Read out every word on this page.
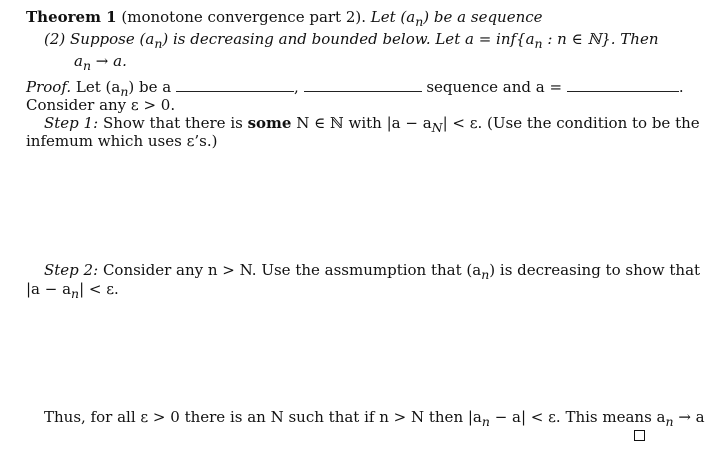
Theorem 1 (monotone convergence part 2). Let $(a_n)$ be a sequence
(2) Suppose $(a_n)$ is decreasing and bounded below. Let $a = inf\{a_n$ : n ∈ ℕ}. Then
$a_n \to a$.
Proof. Let $(a_n)$ be a	,	sequence and a =	.
Consider any ε > 0.
Step 1: Show that there is some N ∈ ℕ with $|a - a_N| < \varepsilon$. (Use the condition to be the
infemum which uses ε’s.)
Step 2: Consider any n > N. Use the assmumption that $(a_n)$ is decreasing to show that
$|a - a_n| < \varepsilon$.
Thus, for all ε > 0 there is an N such that if n > N then $|a_n - a| < \varepsilon$. This means $a_n \to a$
